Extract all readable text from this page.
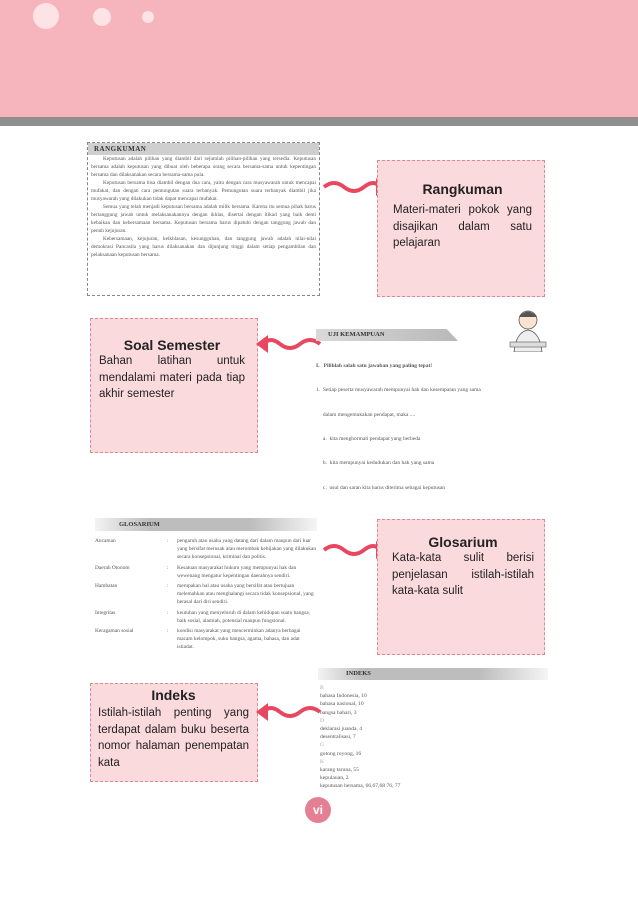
RANGKUMAN

Keputusan adalah pilihan yang diambil dari sejumlah pilihan-pilihan yang tersedia. Keputusan bersama adalah keputusan yang dibuat oleh beberapa orang secara bersama-sama untuk kepentingan bersama dan dilaksanakan secara bersama-sama pula.

Keputusan bersama bisa diambil dengan dua cara, yaitu dengan cara musyawarah untuk mencapai mufakat, dan dengan cara pemungutan suara terbanyak. Pemungutan suara terbanyak diambil jika musyawarah yang dilakukan tidak dapat mencapai mufakat.

Semua yang telah menjadi keputusan bersama adalah milik bersama. Karena itu semua pihak harus bertanggung jawab untuk melaksanakannya dengan ikhlas, disertai dengan itikad yang baik demi kebaikan dan kebersamaan bersama. Keputusan bersama harus dipatuhi dengan tanggung jawab dan penuh kejujuran.

Kebersamaan, kejujuran, keikhlasan, kesungguhan, dan tanggung jawab adalah nilai-nilai demokrasi Pancasila yang harus dilaksanakan dan dijunjung tinggi dalam setiap pengambilan dan pelaksanaan keputusan bersama.

Rangkuman
Materi-materi pokok yang disajikan dalam satu pelajaran
Soal Semester
Bahan latihan untuk mendalami materi pada tiap akhir semester
UJI KEMAMPUAN

I.   Pilihlah salah satu jawaban yang paling tepat!

1.  Setiap peserta musyawarah mempunyai hak dan kesempatan yang sama

dalam mengemukakan pendapat, maka ....

a.  kita menghormati pendapat yang berbeda

b.  kita mempunyai kedudukan dan hak yang sama

c.  usul dan saran kita harus diterima sebagai keputusan

GLOSARIUM
Ancaman	:	pengaruh atau usaha yang datang dari dalam maupun dari luar yang bersifat merusak atau merombak kebijakan yang dilakukan secara konsepsional, kriminal dan politis.
Daerah Otonom	:	Kesatuan masyarakat hukum yang mempunyai hak dan wewenang mengatur kepentingan daerahnya sendiri.
Hambatan	:	merupakan hal atau usaha yang bersifat atau bertujuan melemahkan atau menghalangi secara tidak konsepsional, yang berasal dari diri sendiri.
Integritas	:	keutuhan yang menyeluruh di dalam kehidupan suatu bangsa, baik sosial, alamiah, potensial maupun fungsional.
Keragaman sosial	:	kondisi masyarakat yang mencerminkan adanya berbagai macam kelompok, suku bangsa, agama, bahasa, dan adat istiadat.
Glosarium
Kata-kata sulit berisi penjelasan istilah-istilah kata-kata sulit
INDEKS

B

bahasa Indonesia, 10

bahasa nasional, 10

bangsa bahari, 3

D

deklarasi juanda, 4

desentralisasi, 7

G

gotong royong, 16

K

karang taruna, 55

kepulauan, 2

keputusan bersama, 66,67,68 76, 77

Indeks
Istilah-istilah penting yang terdapat dalam buku beserta nomor halaman penempatan kata
vi
